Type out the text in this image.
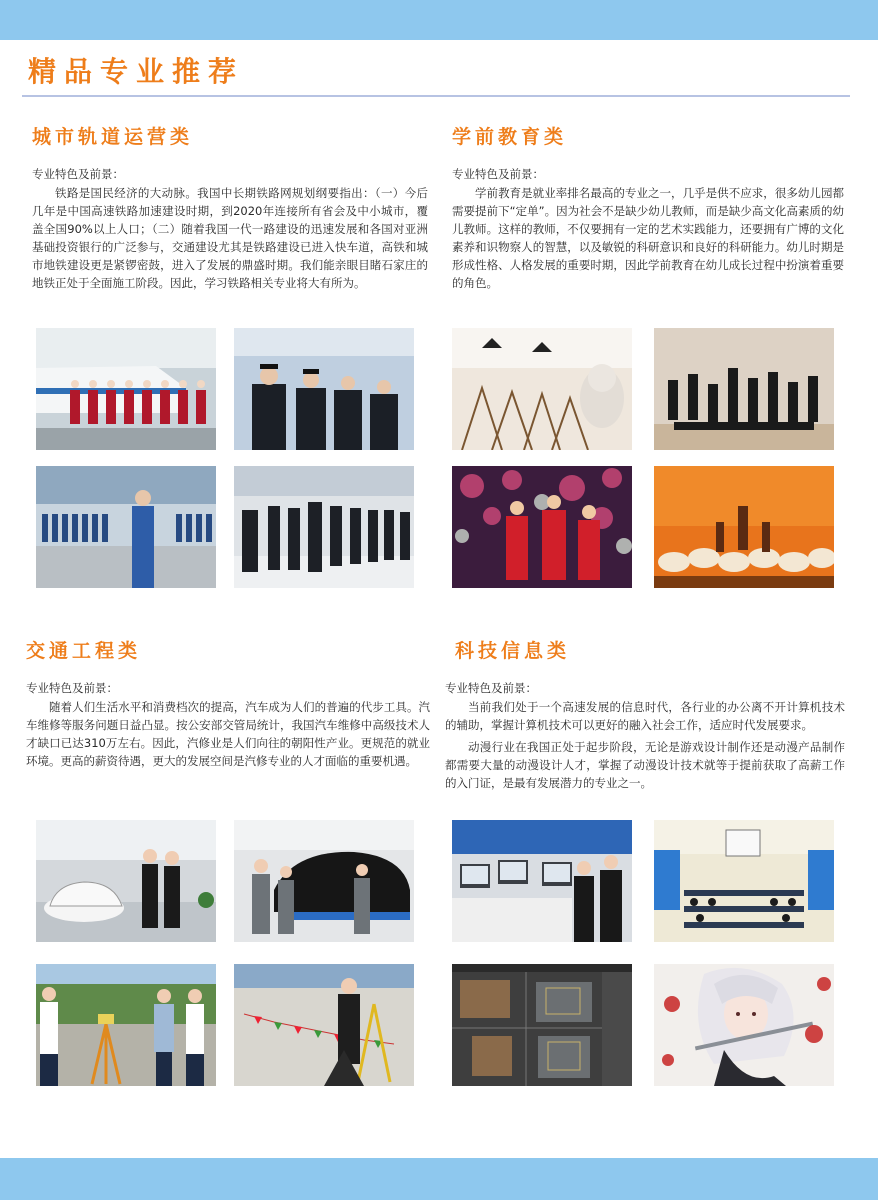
精品专业推荐
城市轨道运营类
专业特色及前景：

铁路是国民经济的大动脉。我国中长期铁路网规划纲要指出：（一）今后几年是中国高速铁路加速建设时期，到2020年连接所有省会及中小城市，覆盖全国90%以上人口；（二）随着我国一代一路建设的迅速发展和各国对亚洲基础投资银行的广泛参与，交通建设尤其是铁路建设已进入快车道，高铁和城市地铁建设更是紧锣密鼓，进入了发展的鼎盛时期。我们能亲眼目睹石家庄的地铁正处于全面施工阶段。因此，学习铁路相关专业将大有所为。

学前教育类
专业特色及前景：

学前教育是就业率排名最高的专业之一，几乎是供不应求，很多幼儿园都需要提前下“定单”。因为社会不是缺少幼儿教师，而是缺少高文化高素质的幼儿教师。这样的教师，不仅要拥有一定的艺术实践能力，还要拥有广博的文化素养和识物察人的智慧，以及敏锐的科研意识和良好的科研能力。幼儿时期是形成性格、人格发展的重要时期，因此学前教育在幼儿成长过程中扮演着重要的角色。

交通工程类
专业特色及前景：

随着人们生活水平和消费档次的提高，汽车成为人们的普遍的代步工具。汽车维修等服务问题日益凸显。按公安部交管局统计，我国汽车维修中高级技术人才缺口已达310万左右。因此，汽修业是人们向往的朝阳性产业。更规范的就业环境。更高的薪资待遇，更大的发展空间是汽修专业的人才面临的重要机遇。

科技信息类
专业特色及前景：

当前我们处于一个高速发展的信息时代，各行业的办公离不开计算机技术的辅助，掌握计算机技术可以更好的融入社会工作，适应时代发展要求。

动漫行业在我国正处于起步阶段，无论是游戏设计制作还是动漫产品制作都需要大量的动漫设计人才，掌握了动漫设计技术就等于提前获取了高薪工作的入门证，是最有发展潜力的专业之一。
